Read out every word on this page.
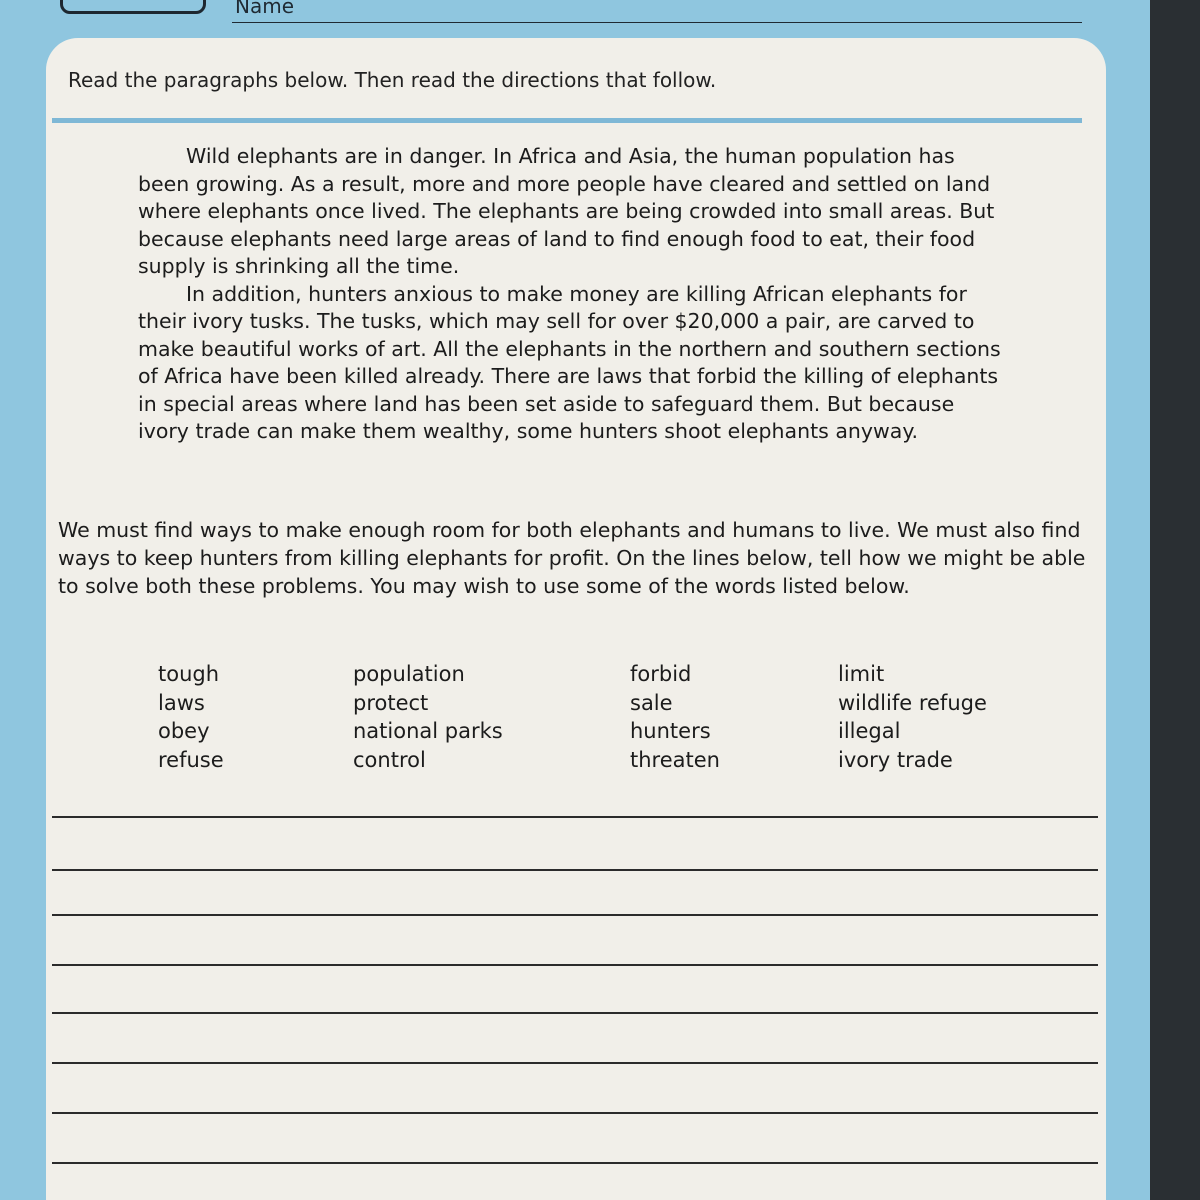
Name
Read the paragraphs below. Then read the directions that follow.

Wild elephants are in danger. In Africa and Asia, the human population has been growing. As a result, more and more people have cleared and settled on land where elephants once lived. The elephants are being crowded into small areas. But because elephants need large areas of land to find enough food to eat, their food supply is shrinking all the time.

In addition, hunters anxious to make money are killing African elephants for their ivory tusks. The tusks, which may sell for over $20,000 a pair, are carved to make beautiful works of art. All the elephants in the northern and southern sections of Africa have been killed already. There are laws that forbid the killing of elephants in special areas where land has been set aside to safeguard them. But because ivory trade can make them wealthy, some hunters shoot elephants anyway.

We must find ways to make enough room for both elephants and humans to live. We must also find ways to keep hunters from killing elephants for profit. On the lines below, tell how we might be able to solve both these problems. You may wish to use some of the words listed below.
tough
laws
obey
refuse
population
protect
national parks
control
forbid
sale
hunters
threaten
limit
wildlife refuge
illegal
ivory trade
